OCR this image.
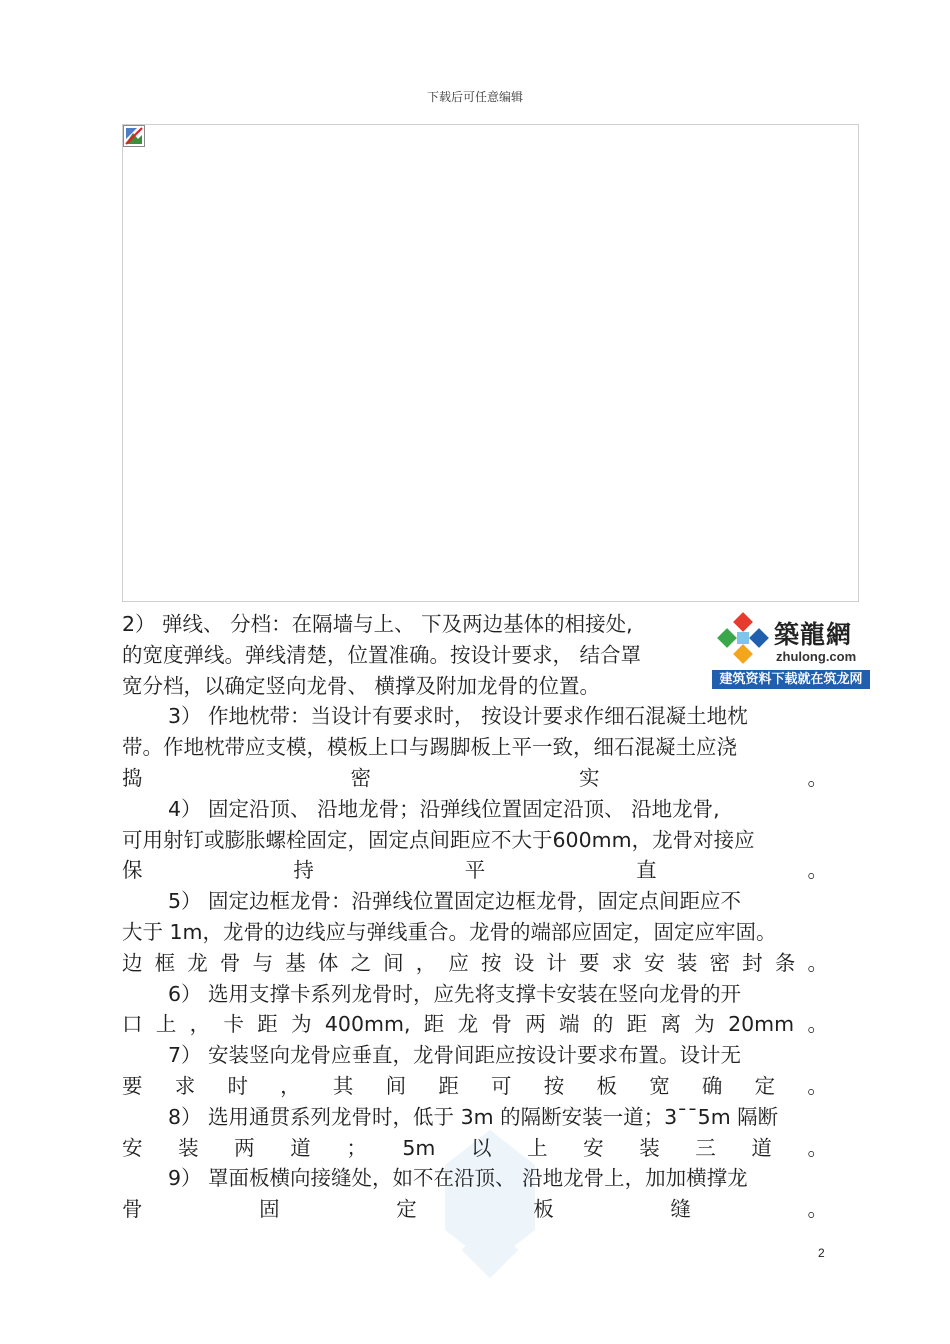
下载后可任意编辑
2） 弹线、 分档：在隔墙与上、 下及两边基体的相接处,
的宽度弹线。弹线清楚，位置准确。按设计要求， 结合罩
宽分档，以确定竖向龙骨、 横撑及附加龙骨的位置。
3） 作地枕带：当设计有要求时， 按设计要求作细石混凝土地枕
带。作地枕带应支模，模板上口与踢脚板上平一致，细石混凝土应浇
捣	密	实	。
4） 固定沿顶、 沿地龙骨；沿弹线位置固定沿顶、 沿地龙骨,
可用射钉或膨胀螺栓固定，固定点间距应不大于600mm，龙骨对接应
保	持	平	直	。
5） 固定边框龙骨：沿弹线位置固定边框龙骨，固定点间距应不
大于 1m，龙骨的边线应与弹线重合。龙骨的端部应固定，固定应牢固。
边 框 龙 骨 与 基 体 之 间 ， 应 按 设 计 要 求 安 装 密 封 条 。
6） 选用支撑卡系列龙骨时，应先将支撑卡安装在竖向龙骨的开
口 上 ， 卡 距 为 400mm, 距 龙 骨 两 端 的 距 离 为 20mm 。
7） 安装竖向龙骨应垂直，龙骨间距应按设计要求布置。设计无
要 求 时 ， 其 间 距 可 按 板 宽 确 定 。
8） 选用通贯系列龙骨时，低于 3m 的隔断安装一道；3¯¯5m 隔断
安 装 两 道 ； 5m 以 上 安 装 三 道 。
9） 罩面板横向接缝处，如不在沿顶、 沿地龙骨上，加加横撑龙
骨	固	定	板	缝	。
築龍網
zhulong.com
建筑资料下载就在筑龙网
2
